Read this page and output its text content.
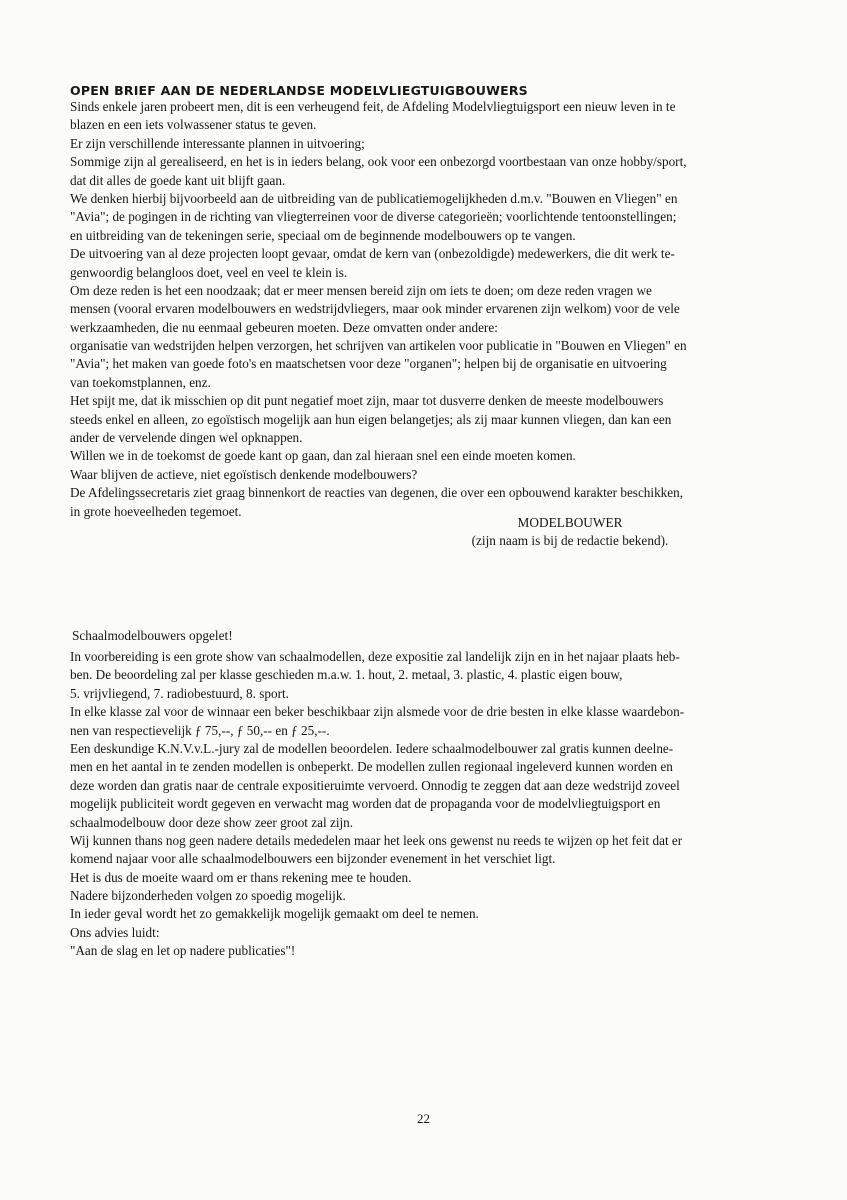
OPEN BRIEF AAN DE NEDERLANDSE MODELVLIEGTUIGBOUWERS
Sinds enkele jaren probeert men, dit is een verheugend feit, de Afdeling Modelvliegtuigsport een nieuw leven in te
blazen en een iets volwassener status te geven.
Er zijn verschillende interessante plannen in uitvoering;
Sommige zijn al gerealiseerd, en het is in ieders belang, ook voor een onbezorgd voortbestaan van onze hobby/sport,
dat dit alles de goede kant uit blijft gaan.
We denken hierbij bijvoorbeeld aan de uitbreiding van de publicatiemogelijkheden d.m.v. "Bouwen en Vliegen" en
"Avia"; de pogingen in de richting van vliegterreinen voor de diverse categorieën; voorlichtende tentoonstellingen;
en uitbreiding van de tekeningen serie, speciaal om de beginnende modelbouwers op te vangen.
De uitvoering van al deze projecten loopt gevaar, omdat de kern van (onbezoldigde) medewerkers, die dit werk te-
genwoordig belangloos doet, veel en veel te klein is.
Om deze reden is het een noodzaak; dat er meer mensen bereid zijn om iets te doen; om deze reden vragen we
mensen (vooral ervaren modelbouwers en wedstrijdvliegers, maar ook minder ervarenen zijn welkom) voor de vele
werkzaamheden, die nu eenmaal gebeuren moeten. Deze omvatten onder andere:
organisatie van wedstrijden helpen verzorgen, het schrijven van artikelen voor publicatie in "Bouwen en Vliegen" en
"Avia"; het maken van goede foto's en maatschetsen voor deze "organen"; helpen bij de organisatie en uitvoering
van toekomstplannen, enz.
Het spijt me, dat ik misschien op dit punt negatief moet zijn, maar tot dusverre denken de meeste modelbouwers
steeds enkel en alleen, zo egoïstisch mogelijk aan hun eigen belangetjes; als zij maar kunnen vliegen, dan kan een
ander de vervelende dingen wel opknappen.
Willen we in de toekomst de goede kant op gaan, dan zal hieraan snel een einde moeten komen.
Waar blijven de actieve, niet egoïstisch denkende modelbouwers?
De Afdelingssecretaris ziet graag binnenkort de reacties van degenen, die over een opbouwend karakter beschikken,
in grote hoeveelheden tegemoet.
MODELBOUWER
(zijn naam is bij de redactie bekend).
Schaalmodelbouwers opgelet!
In voorbereiding is een grote show van schaalmodellen, deze expositie zal landelijk zijn en in het najaar plaats heb-
ben. De beoordeling zal per klasse geschieden m.a.w. 1. hout, 2. metaal, 3. plastic, 4. plastic eigen bouw,
5. vrijvliegend, 7. radiobestuurd, 8. sport.
In elke klasse zal voor de winnaar een beker beschikbaar zijn alsmede voor de drie besten in elke klasse waardebon-
nen van respectievelijk ƒ 75,--, ƒ 50,-- en ƒ 25,--.
Een deskundige K.N.V.v.L.-jury zal de modellen beoordelen. Iedere schaalmodelbouwer zal gratis kunnen deelne-
men en het aantal in te zenden modellen is onbeperkt. De modellen zullen regionaal ingeleverd kunnen worden en
deze worden dan gratis naar de centrale expositieruimte vervoerd. Onnodig te zeggen dat aan deze wedstrijd zoveel
mogelijk publiciteit wordt gegeven en verwacht mag worden dat de propaganda voor de modelvliegtuigsport en
schaalmodelbouw door deze show zeer groot zal zijn.
Wij kunnen thans nog geen nadere details mededelen maar het leek ons gewenst nu reeds te wijzen op het feit dat er
komend najaar voor alle schaalmodelbouwers een bijzonder evenement in het verschiet ligt.
Het is dus de moeite waard om er thans rekening mee te houden.
Nadere bijzonderheden volgen zo spoedig mogelijk.
In ieder geval wordt het zo gemakkelijk mogelijk gemaakt om deel te nemen.
Ons advies luidt:
"Aan de slag en let op nadere publicaties"!
22
